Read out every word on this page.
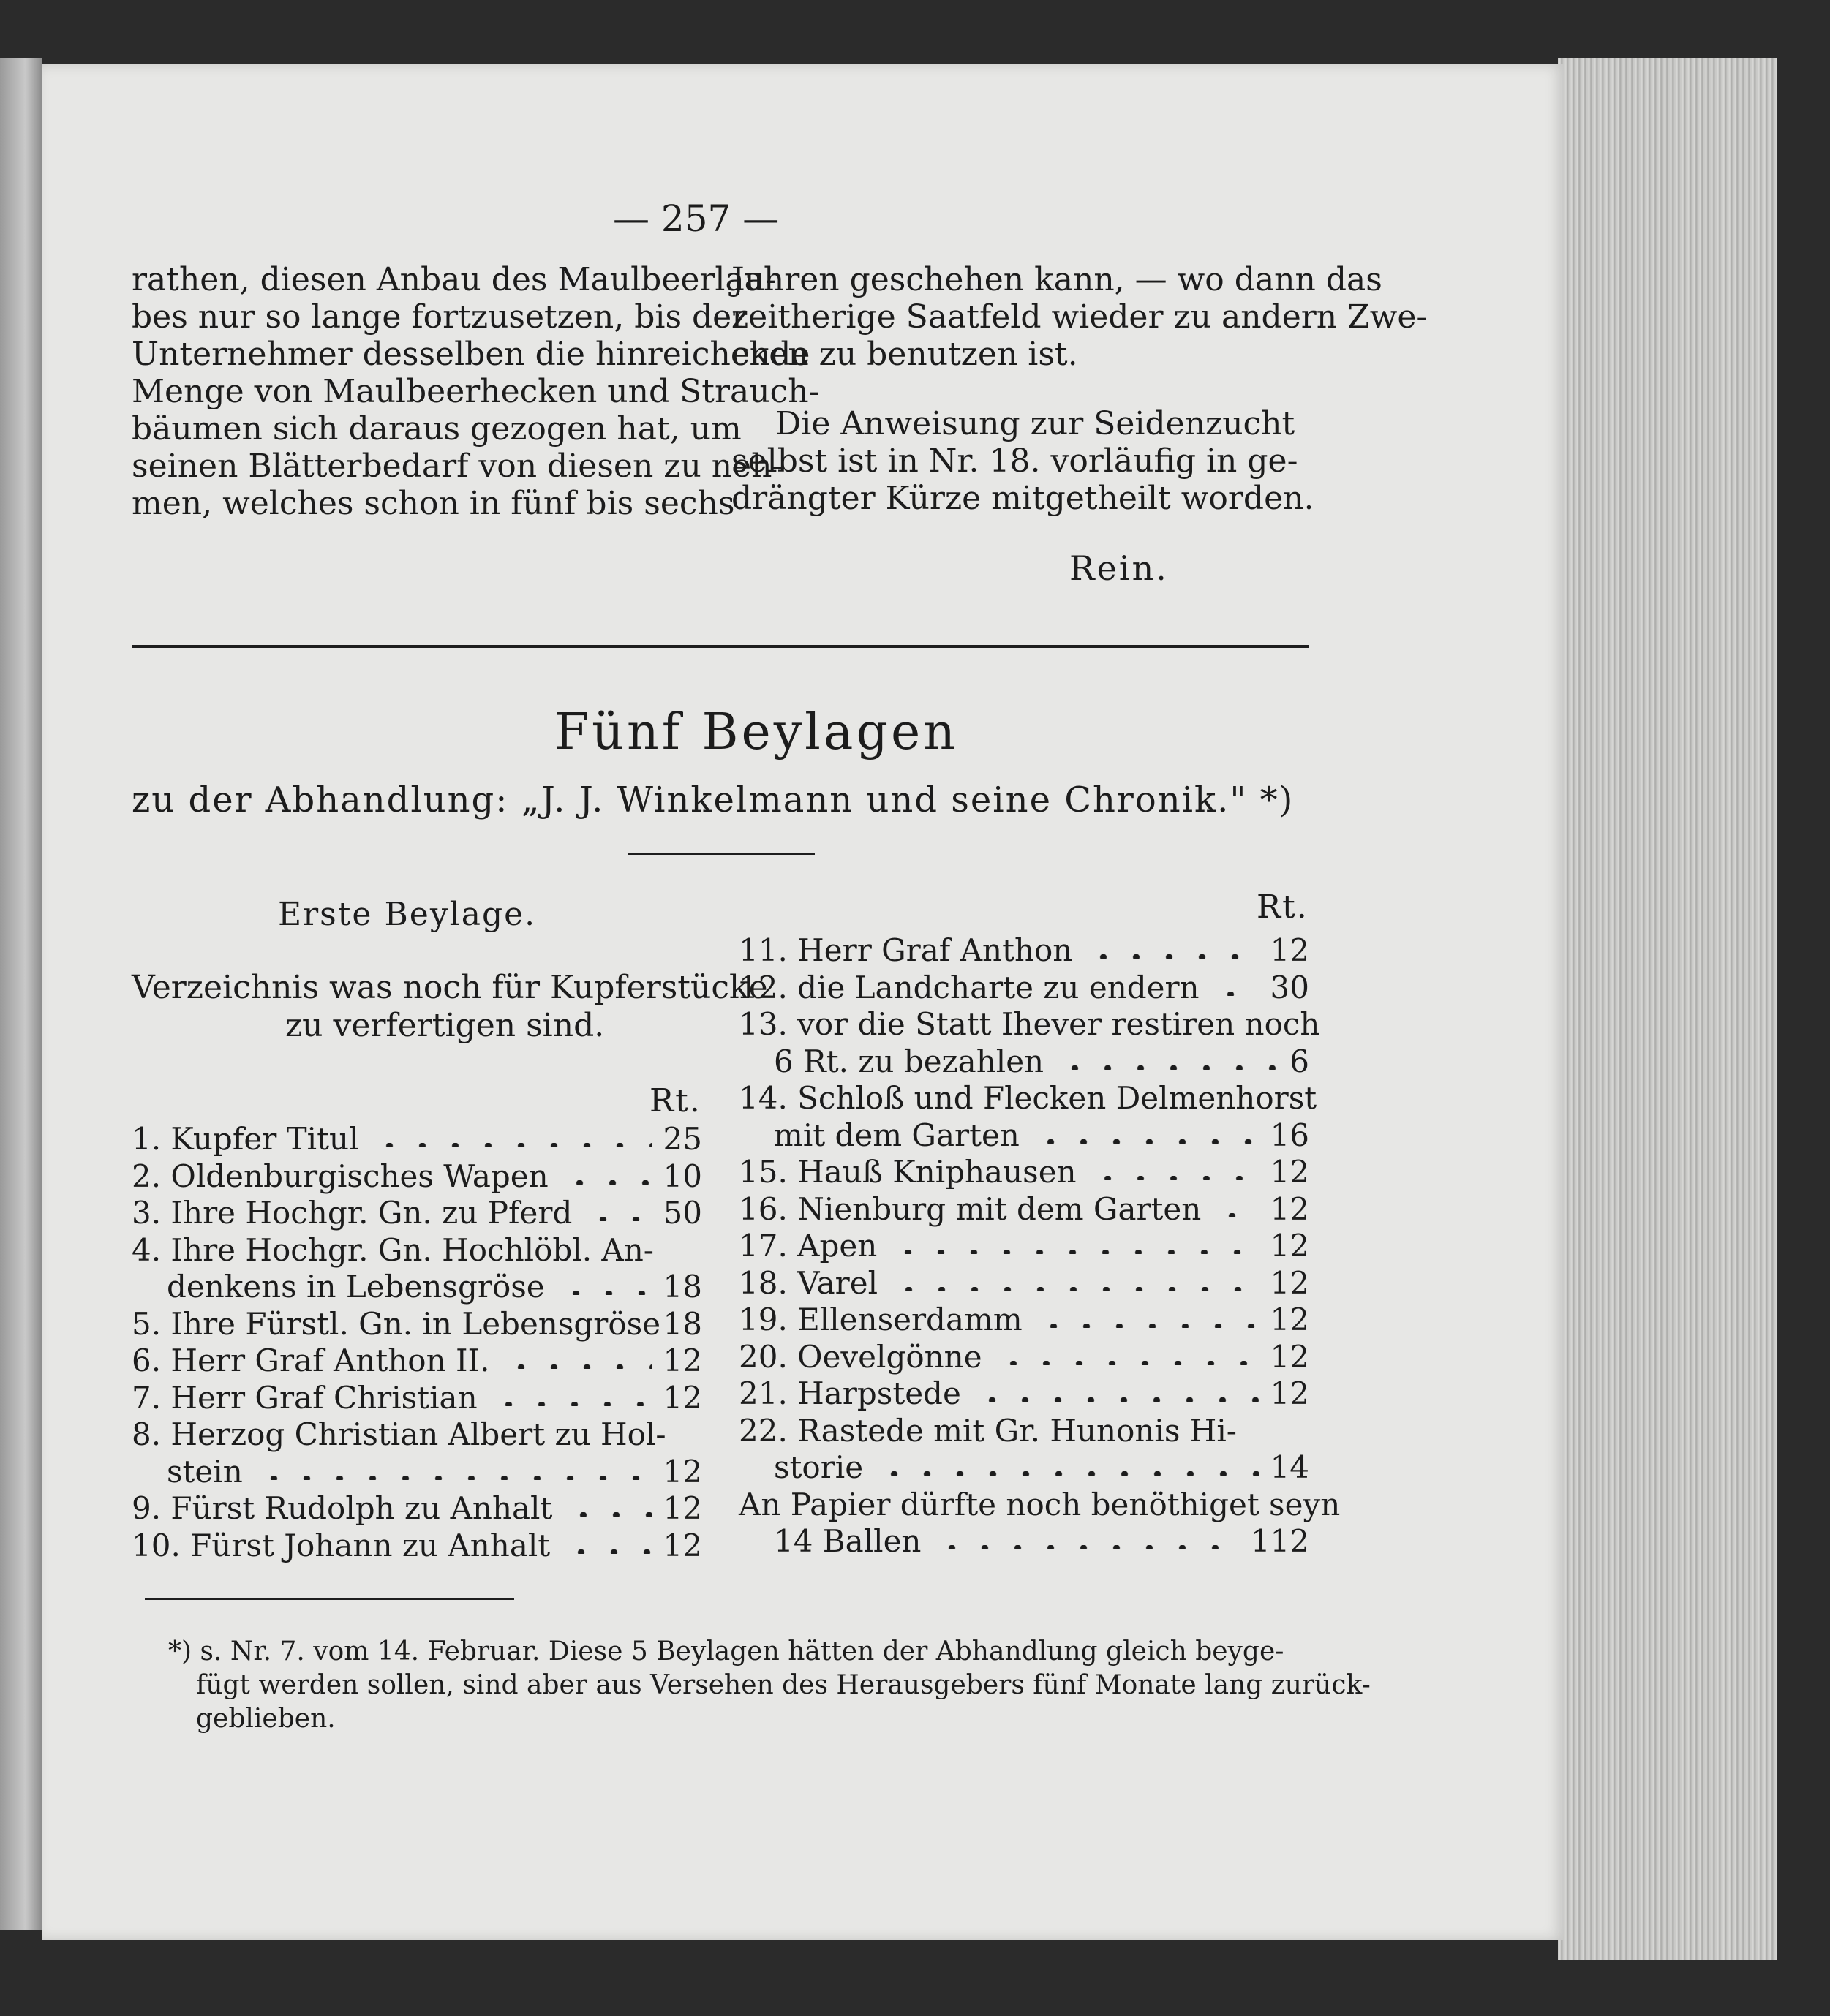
— 257 —
rathen, diesen Anbau des Maulbeerlau-
bes nur so lange fortzusetzen, bis der
Unternehmer desselben die hinreichende
Menge von Maulbeerhecken und Strauch-
bäumen sich daraus gezogen hat, um
seinen Blätterbedarf von diesen zu neh-
men, welches schon in fünf bis sechs
Jahren geschehen kann, — wo dann das
zeitherige Saatfeld wieder zu andern Zwe-
cken zu benutzen ist.
Die Anweisung zur Seidenzucht
selbst ist in Nr. 18. vorläufig in ge-
drängter Kürze mitgetheilt worden.
Rein.
Fünf Beylagen
zu der Abhandlung: „J. J. Winkelmann und seine Chronik." *)
Erste Beylage.	Rt.
Verzeichnis was noch für Kupferstücke
zu verfertigen sind.
Rt.
1. Kupfer Titul	25
2. Oldenburgisches Wapen	10
3. Ihre Hochgr. Gn. zu Pferd	50
4. Ihre Hochgr. Gn. Hochlöbl. An-
denkens in Lebensgröse	18
5. Ihre Fürstl. Gn. in Lebensgröse 18
6. Herr Graf Anthon II.	12
7. Herr Graf Christian	12
8. Herzog Christian Albert zu Hol-
stein	12
9. Fürst Rudolph zu Anhalt	12
10. Fürst Johann zu Anhalt	12
11. Herr Graf Anthon	12
12. die Landcharte zu endern 30
13. vor die Statt Ihever restiren noch
6 Rt. zu bezahlen	6
14. Schloß und Flecken Delmenhorst
mit dem Garten	16
15. Hauß Kniphausen	12
16. Nienburg mit dem Garten 12
17. Apen	12
18. Varel	12
19. Ellenserdamm	12
20. Oevelgönne	12
21. Harpstede	12
22. Rastede mit Gr. Hunonis Hi-
storie	14
An Papier dürfte noch benöthiget seyn
14 Ballen	112
*) s. Nr. 7. vom 14. Februar. Diese 5 Beylagen hätten der Abhandlung gleich beyge-
fügt werden sollen, sind aber aus Versehen des Herausgebers fünf Monate lang zurück-
geblieben.
